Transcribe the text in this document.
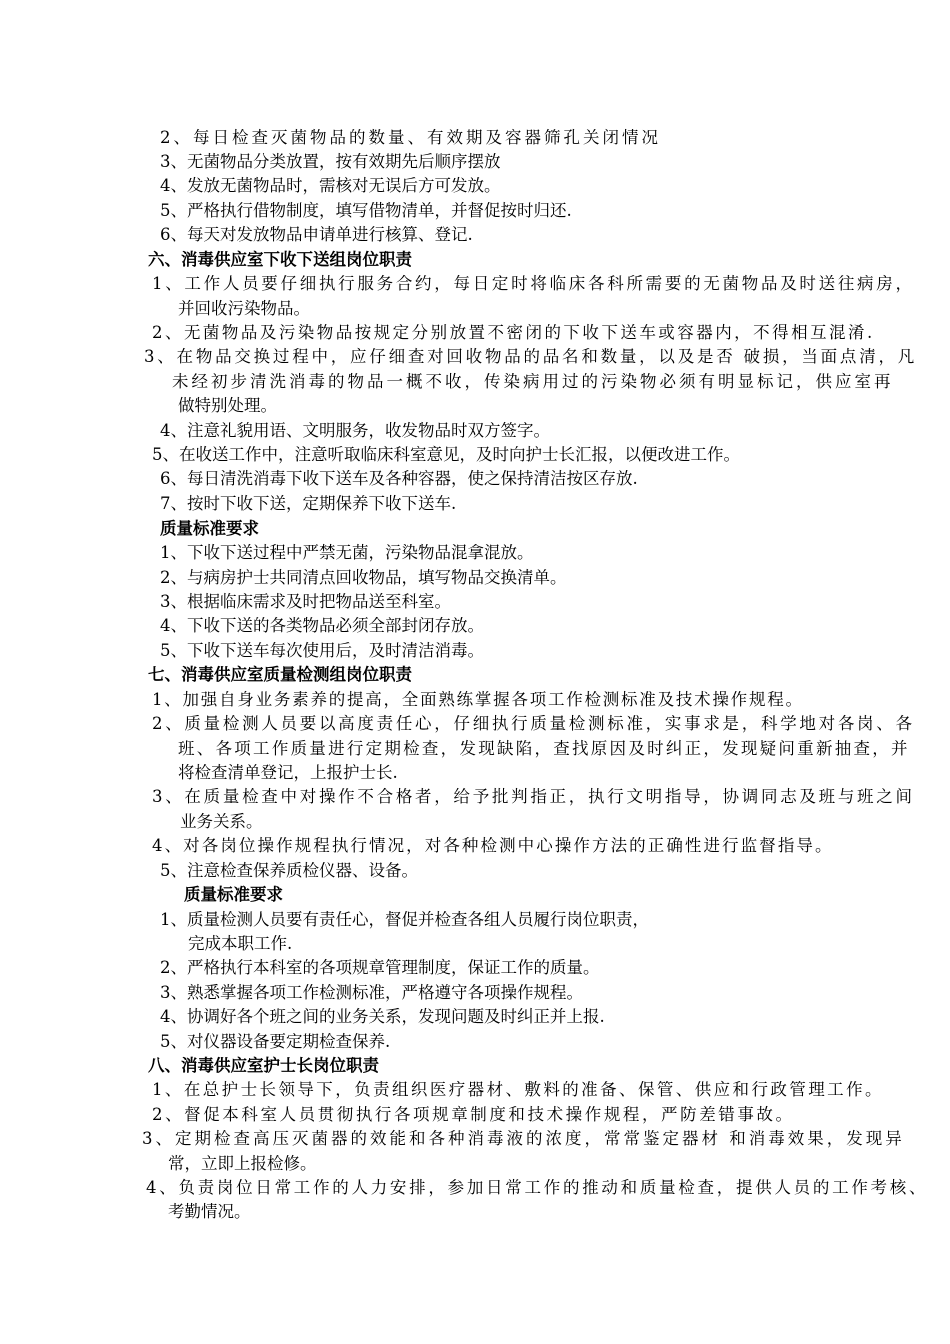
2、每日检查灭菌物品的数量、有效期及容器筛孔关闭情况
3、无菌物品分类放置，按有效期先后顺序摆放
4、发放无菌物品时，需核对无误后方可发放。
5、严格执行借物制度，填写借物清单，并督促按时归还.
6、每天对发放物品申请单进行核算、登记.
六、消毒供应室下收下送组岗位职责
1、工作人员要仔细执行服务合约，每日定时将临床各科所需要的无菌物品及时送往病房，
并回收污染物品。
2、无菌物品及污染物品按规定分别放置不密闭的下收下送车或容器内，不得相互混淆.
3、在物品交换过程中，应仔细查对回收物品的品名和数量，以及是否 破损，当面点清，凡
未经初步清洗消毒的物品一概不收，传染病用过的污染物必须有明显标记，供应室再
做特别处理。
4、注意礼貌用语、文明服务，收发物品时双方签字。
5、在收送工作中，注意听取临床科室意见，及时向护士长汇报，以便改进工作。
6、每日清洗消毒下收下送车及各种容器，使之保持清洁按区存放.
7、按时下收下送，定期保养下收下送车.
质量标准要求
1、下收下送过程中严禁无菌，污染物品混拿混放。
2、与病房护士共同清点回收物品，填写物品交换清单。
3、根据临床需求及时把物品送至科室。
4、下收下送的各类物品必须全部封闭存放。
5、下收下送车每次使用后，及时清洁消毒。
七、消毒供应室质量检测组岗位职责
1、加强自身业务素养的提高，全面熟练掌握各项工作检测标准及技术操作规程。
2、质量检测人员要以高度责任心，仔细执行质量检测标准，实事求是，科学地对各岗、各
班、各项工作质量进行定期检查，发现缺陷，查找原因及时纠正，发现疑问重新抽查，并
将检查清单登记，上报护士长.
3、在质量检查中对操作不合格者，给予批判指正，执行文明指导，协调同志及班与班之间
业务关系。
4、对各岗位操作规程执行情况，对各种检测中心操作方法的正确性进行监督指导。
5、注意检查保养质检仪器、设备。
质量标准要求
1、质量检测人员要有责任心，督促并检查各组人员履行岗位职责，
完成本职工作.
2、严格执行本科室的各项规章管理制度，保证工作的质量。
3、熟悉掌握各项工作检测标准，严格遵守各项操作规程。
4、协调好各个班之间的业务关系，发现问题及时纠正并上报.
5、对仪器设备要定期检查保养.
八、消毒供应室护士长岗位职责
1、在总护士长领导下，负责组织医疗器材、敷料的准备、保管、供应和行政管理工作。
2、督促本科室人员贯彻执行各项规章制度和技术操作规程，严防差错事故。
3、定期检查高压灭菌器的效能和各种消毒液的浓度，常常鉴定器材 和消毒效果，发现异
常，立即上报检修。
4、负责岗位日常工作的人力安排，参加日常工作的推动和质量检查，提供人员的工作考核、
考勤情况。
